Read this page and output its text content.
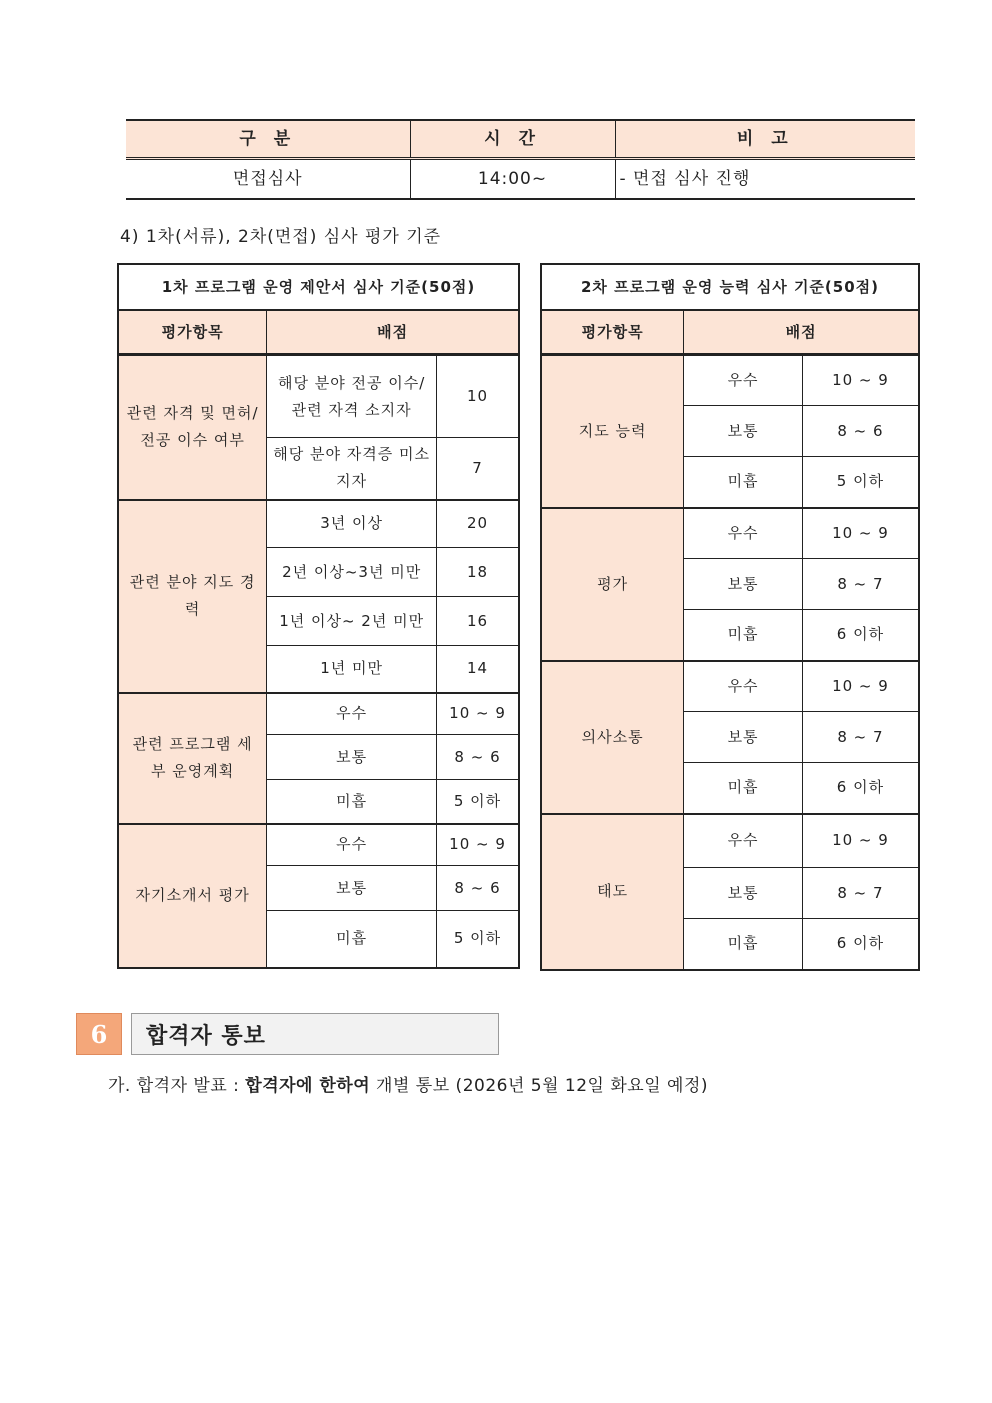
구 분	시 간	비 고
면접심사	14:00~	- 면접 심사 진행
4) 1차(서류), 2차(면접) 심사 평가 기준
1차 프로그램 운영 제안서 심사 기준(50점)		
평가항목	배점	
관련 자격 및 면허/전공 이수 여부	해당 분야 전공 이수/관련 자격 소지자	10
	해당 분야 자격증 미소지자	7
관련 분야 지도 경력	3년 이상	20
	2년 이상~3년 미만	18
	1년 이상~ 2년 미만	16
	1년 미만	14
관련 프로그램 세부 운영계획	우수	10 ~ 9
	보통	8 ~ 6
	미흡	5 이하
자기소개서 평가	우수	10 ~ 9
	보통	8 ~ 6
	미흡	5 이하
2차 프로그램 운영 능력 심사 기준(50점)		
평가항목	배점	
지도 능력	우수	10 ~ 9
	보통	8 ~ 6
	미흡	5 이하
평가	우수	10 ~ 9
	보통	8 ~ 7
	미흡	6 이하
의사소통	우수	10 ~ 9
	보통	8 ~ 7
	미흡	6 이하
태도	우수	10 ~ 9
	보통	8 ~ 7
	미흡	6 이하
6	합격자 통보
가. 합격자 발표 : 합격자에 한하여 개별 통보 (2026년 5월 12일 화요일 예정)
